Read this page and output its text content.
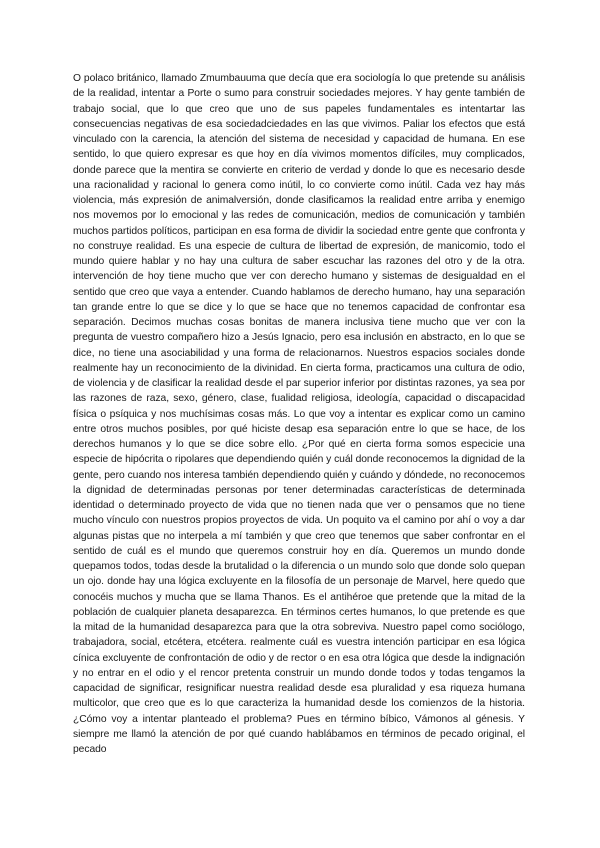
O polaco británico, llamado Zmumbauuma que decía que era sociología lo que pretende su análisis de la realidad, intentar a Porte o sumo para construir sociedades mejores. Y hay gente también de trabajo social, que lo que creo que uno de sus papeles fundamentales es intentartar las consecuencias negativas de esa sociedadciedades en las que vivimos. Paliar los efectos que está vinculado con la carencia, la atención del sistema de necesidad y capacidad de humana. En ese sentido, lo que quiero expresar es que hoy en día vivimos momentos difíciles, muy complicados, donde parece que la mentira se convierte en criterio de verdad y donde lo que es necesario desde una racionalidad y racional lo genera como inútil, lo co convierte como inútil. Cada vez hay más violencia, más expresión de animalversión, donde clasificamos la realidad entre arriba y enemigo nos movemos por lo emocional y las redes de comunicación, medios de comunicación y también muchos partidos políticos, participan en esa forma de dividir la sociedad entre gente que confronta y no construye realidad. Es una especie de cultura de libertad de expresión, de manicomio, todo el mundo quiere hablar y no hay una cultura de saber escuchar las razones del otro y de la otra. intervención de hoy tiene mucho que ver con derecho humano y sistemas de desigualdad en el sentido que creo que vaya a entender. Cuando hablamos de derecho humano, hay una separación tan grande entre lo que se dice y lo que se hace que no tenemos capacidad de confrontar esa separación. Decimos muchas cosas bonitas de manera inclusiva tiene mucho que ver con la pregunta de vuestro compañero hizo a Jesús Ignacio, pero esa inclusión en abstracto, en lo que se dice, no tiene una asociabilidad y una forma de relacionarnos. Nuestros espacios sociales donde realmente hay un reconocimiento de la divinidad. En cierta forma, practicamos una cultura de odio, de violencia y de clasificar la realidad desde el par superior inferior por distintas razones, ya sea por las razones de raza, sexo, género, clase, fualidad religiosa, ideología, capacidad o discapacidad física o psíquica y nos muchísimas cosas más. Lo que voy a intentar es explicar como un camino entre otros muchos posibles, por qué hiciste desap esa separación entre lo que se hace, de los derechos humanos y lo que se dice sobre ello. ¿Por qué en cierta forma somos especicie una especie de hipócrita o ripolares que dependiendo quién y cuál donde reconocemos la dignidad de la gente, pero cuando nos interesa también dependiendo quién y cuándo y dóndede, no reconocemos la dignidad de determinadas personas por tener determinadas características de determinada identidad o determinado proyecto de vida que no tienen nada que ver o pensamos que no tiene mucho vínculo con nuestros propios proyectos de vida. Un poquito va el camino por ahí o voy a dar algunas pistas que no interpela a mí también y que creo que tenemos que saber confrontar en el sentido de cuál es el mundo que queremos construir hoy en día. Queremos un mundo donde quepamos todos, todas desde la brutalidad o la diferencia o un mundo solo que donde solo quepan un ojo. donde hay una lógica excluyente en la filosofía de un personaje de Marvel, here quedo que conocéis muchos y mucha que se llama Thanos. Es el antihéroe que pretende que la mitad de la población de cualquier planeta desaparezca. En términos certes humanos, lo que pretende es que la mitad de la humanidad desaparezca para que la otra sobreviva. Nuestro papel como sociólogo, trabajadora, social, etcétera, etcétera. realmente cuál es vuestra intención participar en esa lógica cínica excluyente de confrontación de odio y de rector o en esa otra lógica que desde la indignación y no entrar en el odio y el rencor pretenta construir un mundo donde todos y todas tengamos la capacidad de significar, resignificar nuestra realidad desde esa pluralidad y esa riqueza humana multicolor, que creo que es lo que caracteriza la humanidad desde los comienzos de la historia. ¿Cómo voy a intentar planteado el problema? Pues en término bíbico, Vámonos al génesis. Y siempre me llamó la atención de por qué cuando hablábamos en términos de pecado original, el pecado
